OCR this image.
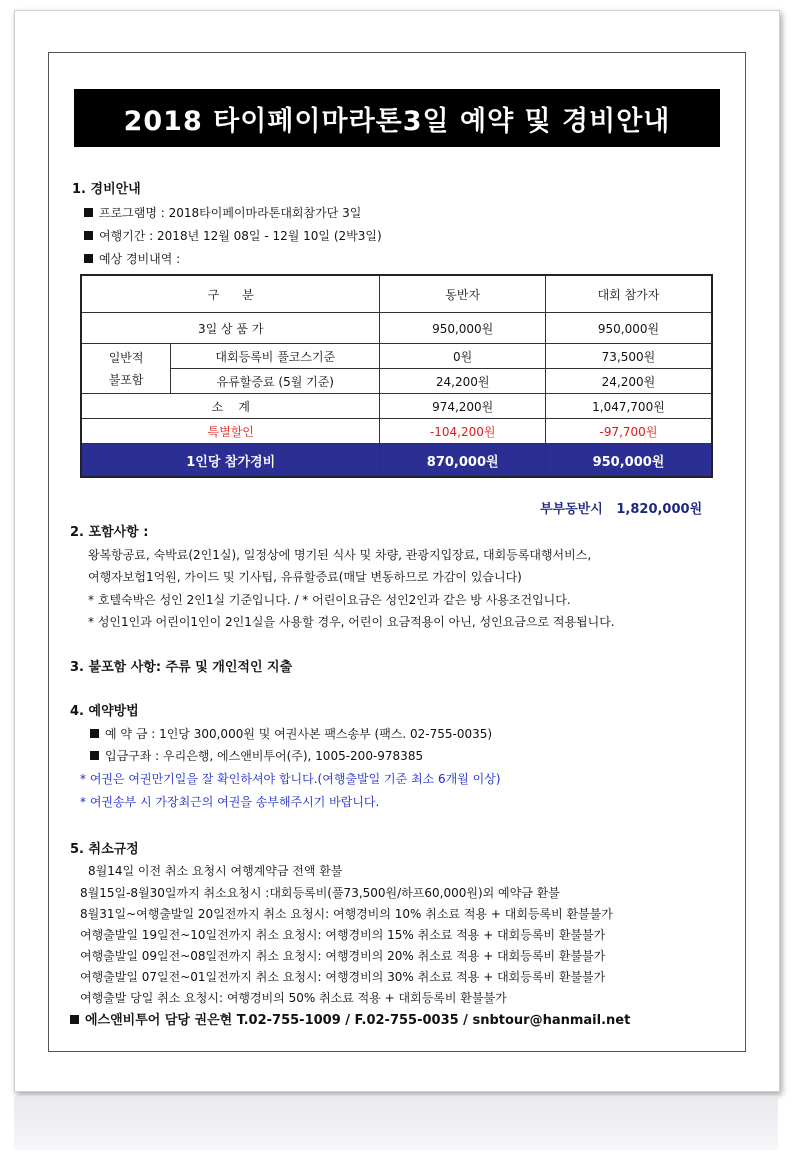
2018 타이페이마라톤3일 예약 및 경비안내
1. 경비안내
프로그램명 : 2018타이페이마라톤대회참가단 3일
여행기간 : 2018년 12월 08일 - 12월 10일 (2박3일)
예상 경비내역 :
구      분		동반자	대회 참가자
3일 상 품 가		950,000원	950,000원
일반적
불포함	대회등록비 풀코스기준	0원	73,500원
	유류할증료 (5월 기준)	24,200원	24,200원
소    계		974,200원	1,047,700원
특별할인		-104,200원	-97,700원
1인당 참가경비		870,000원	950,000원
부부동반시 1,820,000원
2. 포함사항 :
왕복항공료, 숙박료(2인1실), 일정상에 명기된 식사 및 차량, 관광지입장료, 대회등록대행서비스,
여행자보험1억원, 가이드 및 기사팁, 유류할증료(매달 변동하므로 가감이 있습니다)
* 호텔숙박은 성인 2인1실 기준입니다. / * 어린이요금은 성인2인과 같은 방 사용조건입니다.
* 성인1인과 어린이1인이 2인1실을 사용할 경우, 어린이 요금적용이 아닌, 성인요금으로 적용됩니다.
3. 불포함 사항: 주류 및 개인적인 지출
4. 예약방법
예 약 금 : 1인당 300,000원 및 여권사본 팩스송부 (팩스. 02-755-0035)
입금구좌 : 우리은행, 에스앤비투어(주), 1005-200-978385
* 여권은 여권만기일을 잘 확인하셔야 합니다.(여행출발일 기준 최소 6개월 이상)
* 여권송부 시 가장최근의 여권을 송부해주시기 바랍니다.
5. 취소규정
8월14일 이전 취소 요청시 여행계약금 전액 환불
8월15일-8월30일까지 취소요청시 :대회등록비(풀73,500원/하프60,000원)외 예약금 환불
8월31일~여행출발일 20일전까지 취소 요청시: 여행경비의 10% 취소료 적용 + 대회등록비 환불불가
여행출발일 19일전~10일전까지 취소 요청시: 여행경비의 15% 취소료 적용 + 대회등록비 환불불가
여행출발일 09일전~08일전까지 취소 요청시: 여행경비의 20% 취소료 적용 + 대회등록비 환불불가
여행출발일 07일전~01일전까지 취소 요청시: 여행경비의 30% 취소료 적용 + 대회등록비 환불불가
여행출발 당일 취소 요청시: 여행경비의 50% 취소료 적용 + 대회등록비 환불불가
에스앤비투어 담당 권은현 T.02-755-1009 / F.02-755-0035 / snbtour@hanmail.net
